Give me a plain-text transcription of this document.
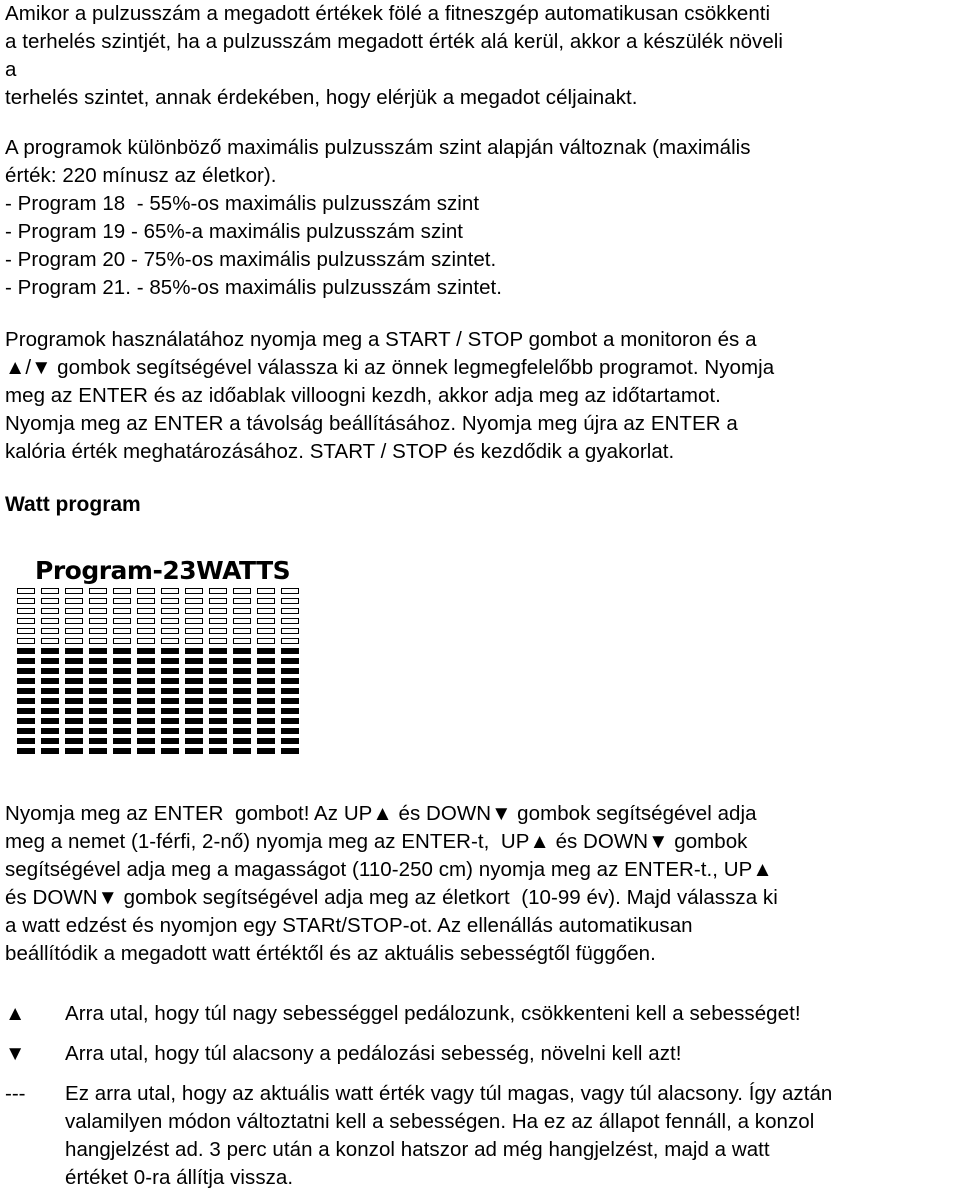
Amikor a pulzusszám a megadott értékek fölé a fitneszgép automatikusan csökkenti
a terhelés szintjét, ha a pulzusszám megadott érték alá kerül, akkor a készülék növeli
a
terhelés szintet, annak érdekében, hogy elérjük a megadot céljainakt.
A programok különböző maximális pulzusszám szint alapján változnak (maximális
érték: 220 mínusz az életkor).
- Program 18  - 55%-os maximális pulzusszám szint
- Program 19 - 65%-a maximális pulzusszám szint
- Program 20 - 75%-os maximális pulzusszám szintet.
- Program 21. - 85%-os maximális pulzusszám szintet.
Programok használatához nyomja meg a START / STOP gombot a monitoron és a
▲/▼ gombok segítségével válassza ki az önnek legmegfelelőbb programot. Nyomja
meg az ENTER és az időablak villoogni kezdh, akkor adja meg az időtartamot.
Nyomja meg az ENTER a távolság beállításához. Nyomja meg újra az ENTER a
kalória érték meghatározásához. START / STOP és kezdődik a gyakorlat.
Watt program
Program-23WATTS
Nyomja meg az ENTER  gombot! Az UP▲ és DOWN▼ gombok segítségével adja
meg a nemet (1-férfi, 2-nő) nyomja meg az ENTER-t,  UP▲ és DOWN▼ gombok
segítségével adja meg a magasságot (110-250 cm) nyomja meg az ENTER-t., UP▲
és DOWN▼ gombok segítségével adja meg az életkort  (10-99 év). Majd válassza ki
a watt edzést és nyomjon egy STARt/STOP-ot. Az ellenállás automatikusan
beállítódik a megadott watt értéktől és az aktuális sebességtől függően.
▲ Arra utal, hogy túl nagy sebességgel pedálozunk, csökkenteni kell a sebességet!
▼ Arra utal, hogy túl alacsony a pedálozási sebesség, növelni kell azt!
--- Ez arra utal, hogy az aktuális watt érték vagy túl magas, vagy túl alacsony. Így aztán
valamilyen módon változtatni kell a sebességen. Ha ez az állapot fennáll, a konzol
hangjelzést ad. 3 perc után a konzol hatszor ad még hangjelzést, majd a watt
értéket 0-ra állítja vissza.
